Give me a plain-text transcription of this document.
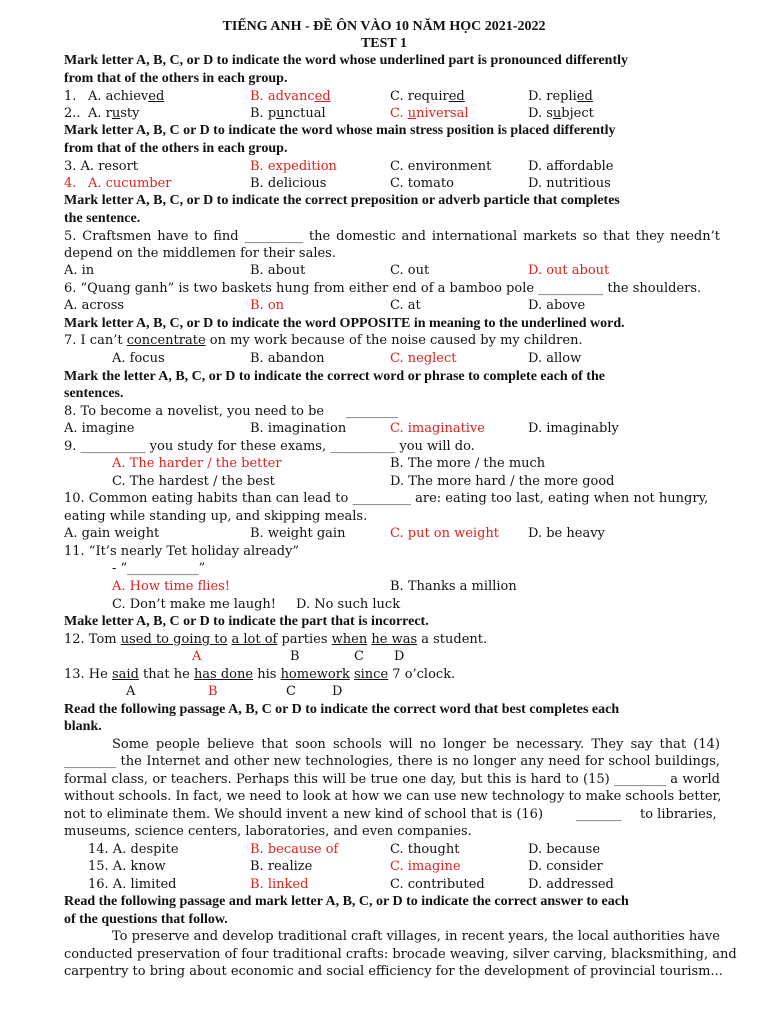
TIẾNG ANH - ĐỀ ÔN VÀO 10 NĂM HỌC 2021-2022
TEST 1
Mark letter A, B, C, or D to indicate the word whose underlined part is pronounced differently
from that of the others in each group.
1. A. achieved	B. advanced	C. required	D. replied
2.. A. rusty	B. punctual	C. universal	D. subject
Mark letter A, B, C or D to indicate the word whose main stress position is placed differently
from that of the others in each group.
3. A. resort	B. expedition	C. environment	D. affordable
4. A. cucumber	B. delicious	C. tomato	D. nutritious
Mark letter A, B, C, or D to indicate the correct preposition or adverb particle that completes
the sentence.
5. Craftsmen have to find _________ the domestic and international markets so that they needn’t
depend on the middlemen for their sales.
A. in	B. about	C. out	D. out about
6. “Quang ganh” is two baskets hung from either end of a bamboo pole __________ the shoulders.
A. across	B. on	C. at	D. above
Mark letter A, B, C, or D to indicate the word OPPOSITE in meaning to the underlined word.
7. I can’t concentrate on my work because of the noise caused by my children.
A. focus	B. abandon	C. neglect	D. allow
Mark the letter A, B, C, or D to indicate the correct word or phrase to complete each of the
sentences.
8. To become a novelist, you need to be ________
A. imagine	B. imagination	C. imaginative	D. imaginably
9. __________ you study for these exams, __________ you will do.
A. The harder / the better	B. The more / the much
C. The hardest / the best	D. The more hard / the more good
10. Common eating habits than can lead to _________ are: eating too last, eating when not hungry,
eating while standing up, and skipping meals.
A. gain weight	B. weight gain	C. put on weight D. be heavy
11. “It’s nearly Tet holiday already”
- “___________”
A. How time flies!	B. Thanks a million
C. Don’t make me laugh! D. No such luck
Make letter A, B, C or D to indicate the part that is incorrect.
12. Tom used to going to a lot of parties when he was a student.
A	B	C D
13. He said that he has done his homework since 7 o’clock.
A	B	C	D
Read the following passage A, B, C or D to indicate the correct word that best completes each
blank.
Some people believe that soon schools will no longer be necessary. They say that (14)
________ the Internet and other new technologies, there is no longer any need for school buildings,
formal class, or teachers. Perhaps this will be true one day, but this is hard to (15) ________ a world
without schools. In fact, we need to look at how we can use new technology to make schools better,
not to eliminate them. We should invent a new kind of school that is (16)	_______ to libraries,
museums, science centers, laboratories, and even companies.
14. A. despite	B. because of	C. thought	D. because
15. A. know	B. realize	C. imagine	D. consider
16. A. limited	B. linked	C. contributed	D. addressed
Read the following passage and mark letter A, B, C, or D to indicate the correct answer to each
of the questions that follow.
To preserve and develop traditional craft villages, in recent years, the local authorities have
conducted preservation of four traditional crafts: brocade weaving, silver carving, blacksmithing, and
carpentry to bring about economic and social efficiency for the development of provincial tourism...
